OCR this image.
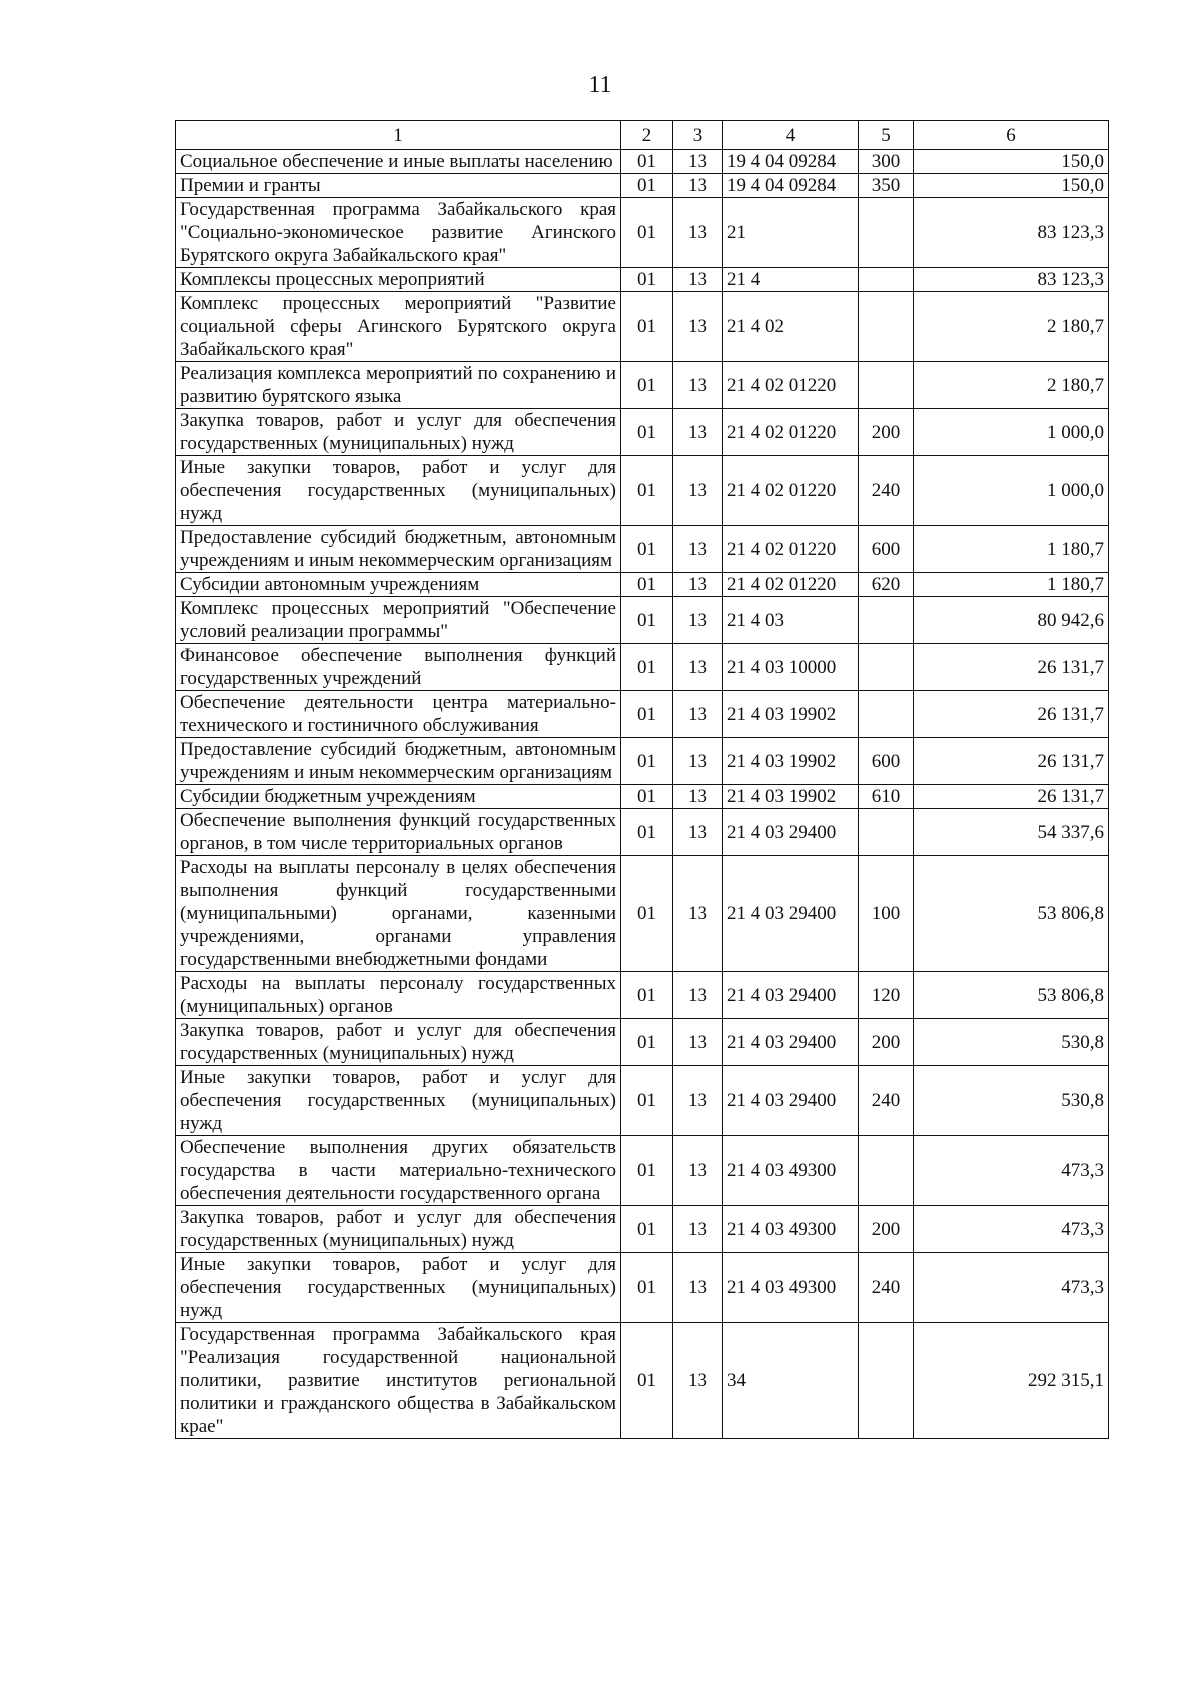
11
1	2	3	4	5	6
Социальное обеспечение и иные выплаты населению	01	13	19 4 04 09284	300	150,0
Премии и гранты	01	13	19 4 04 09284	350	150,0
Государственная программа Забайкальского края "Социально-экономическое развитие Агинского Бурятского округа Забайкальского края"	01	13	21		83 123,3
Комплексы процессных мероприятий	01	13	21 4		83 123,3
Комплекс процессных мероприятий "Развитие социальной сферы Агинского Бурятского округа Забайкальского края"	01	13	21 4 02		2 180,7
Реализация комплекса мероприятий по сохранению и развитию бурятского языка	01	13	21 4 02 01220		2 180,7
Закупка товаров, работ и услуг для обеспечения государственных (муниципальных) нужд	01	13	21 4 02 01220	200	1 000,0
Иные закупки товаров, работ и услуг для обеспечения государственных (муниципальных) нужд	01	13	21 4 02 01220	240	1 000,0
Предоставление субсидий бюджетным, автономным учреждениям и иным некоммерческим организациям	01	13	21 4 02 01220	600	1 180,7
Субсидии автономным учреждениям	01	13	21 4 02 01220	620	1 180,7
Комплекс процессных мероприятий "Обеспечение условий реализации программы"	01	13	21 4 03		80 942,6
Финансовое обеспечение выполнения функций государственных учреждений	01	13	21 4 03 10000		26 131,7
Обеспечение деятельности центра материально-технического и гостиничного обслуживания	01	13	21 4 03 19902		26 131,7
Предоставление субсидий бюджетным, автономным учреждениям и иным некоммерческим организациям	01	13	21 4 03 19902	600	26 131,7
Субсидии бюджетным учреждениям	01	13	21 4 03 19902	610	26 131,7
Обеспечение выполнения функций государственных органов, в том числе территориальных органов	01	13	21 4 03 29400		54 337,6
Расходы на выплаты персоналу в целях обеспечения выполнения функций государственными (муниципальными) органами, казенными учреждениями, органами управления государственными внебюджетными фондами	01	13	21 4 03 29400	100	53 806,8
Расходы на выплаты персоналу государственных (муниципальных) органов	01	13	21 4 03 29400	120	53 806,8
Закупка товаров, работ и услуг для обеспечения государственных (муниципальных) нужд	01	13	21 4 03 29400	200	530,8
Иные закупки товаров, работ и услуг для обеспечения государственных (муниципальных) нужд	01	13	21 4 03 29400	240	530,8
Обеспечение выполнения других обязательств государства в части материально-технического обеспечения деятельности государственного органа	01	13	21 4 03 49300		473,3
Закупка товаров, работ и услуг для обеспечения государственных (муниципальных) нужд	01	13	21 4 03 49300	200	473,3
Иные закупки товаров, работ и услуг для обеспечения государственных (муниципальных) нужд	01	13	21 4 03 49300	240	473,3
Государственная программа Забайкальского края "Реализация государственной национальной политики, развитие институтов региональной политики и гражданского общества в Забайкальском крае"	01	13	34		292 315,1
